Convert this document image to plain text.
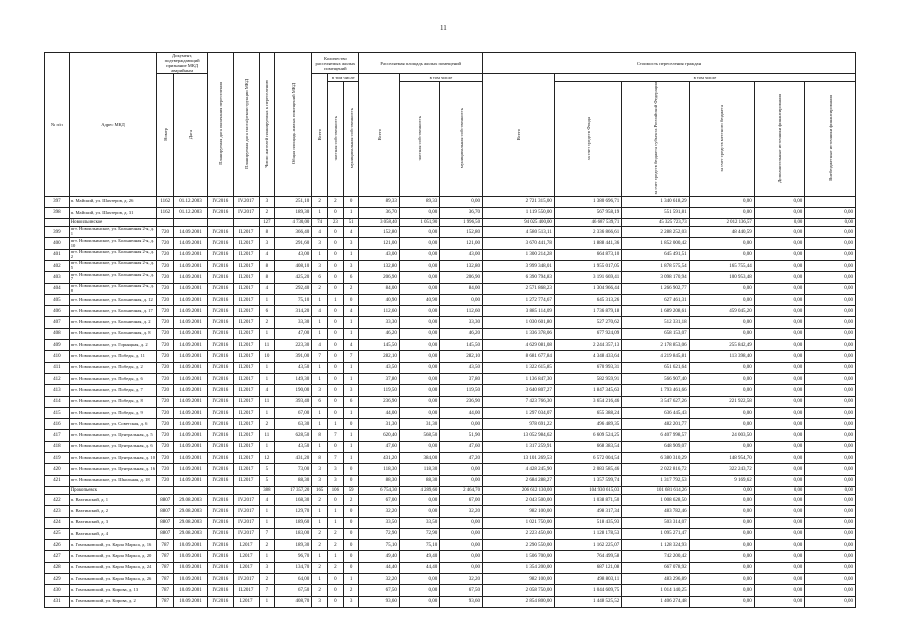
11
№ п/п	Адрес МКД	Документ, подтверждающий признание МКД аварийным		Планируемая дата окончания переселения	Планируемая дата сноса/реконструкции МКД	Число жителей планируемых к переселению	Общая площадь жилых помещений МКД	Количество расселяемых жилых помещений			Расселяемая площадь жилых помещений			Стоимость переселения граждан					
		Номер	Дата					Всего	в том числе		Всего	в том числе		Всего	в том числе				
									частная собственность	муниципальная собственность		частная собственность	муниципальная собственность		за счет средств Фонда	за счет средств бюджета субъекта Российской Федерации	за счет средств местного бюджета	Дополнительные источники финансирования	Внебюджетные источники финансирования
397	п. Майский, ул. Шахтеров, д. 26	1162	01.12.2003	IV.2016	IV.2017	3	251,10	2	2	0	89,33	89,33	0,00	2 721 315,00	1 380 696,71	1 340 618,29	0,00	0,00	
398	п. Майский, ул. Шахтеров, д. 31	1162	01.12.2003	IV.2016	IV.2017	2	189,30	1	0	1	36,70	0,00	36,70	1 119 550,00	567 958,19	551 591,81	0,00	0,00	0,00
	Новоильинское					127	4 730,00	74	23	51	3 058,40	1 051,90	1 996,50	94 025 400,00	46 687 539,71	45 325 723,73	2 012 136,57	0,00	0,00
399	пгт. Новоильинское, ул. Больничная 2-я, д. 1	720	14.09.2001	IV.2016	II.2017	8	366,40	4	0	4	152,80	0,00	152,80	4 580 513,11	2 336 866,61	2 288 252,03	48 440,59	0,00	0,00
400	пгт. Новоильинское, ул. Больничная 2-я, д. 10	720	14.09.2001	IV.2016	II.2017	3	291,60	3	0	3	121,00	0,00	121,00	3 670 441,78	1 888 441,36	1 852 000,42	0,00	0,00	0,00
401	пгт. Новоильинское, ул. Больничная 2-я, д. 2	720	14.09.2001	IV.2016	II.2017	4	43,00	1	0	1	43,00	0,00	43,00	1 300 214,28	664 873,10	645 491,51	0,00	0,00	0,00
402	пгт. Новоильинское, ул. Больничная 2-я, д. 5	720	14.09.2001	IV.2016	II.2017	8	408,10	3	0	3	132,80	0,00	132,80	3 999 348,01	1 955 017,05	1 878 575,54	165 755,44	0,00	0,00
403	пгт. Новоильинское, ул. Больничная 2-я, д. 7	720	14.09.2001	IV.2016	II.2017	8	425,20	6	0	6	206,90	0,00	206,90	6 390 794,83	3 191 669,41	3 098 170,94	100 953,48	0,00	0,00
404	пгт. Новоильинское, ул. Больничная 2-я, д. 8	720	14.09.2001	IV.2016	II.2017	4	292,40	2	0	2	84,00	0,00	84,00	2 571 868,23	1 304 966,44	1 266 902,77	0,00	0,00	0,00
405	пгт. Новоильинское, ул. Больничная, д. 12	720	14.09.2001	IV.2016	II.2017	1	75,10	1	1	0	40,90	40,90	0,00	1 272 774,67	645 313,26	627 461,31	0,00	0,00	0,00
406	пгт. Новоильинское, ул. Больничная, д. 17	720	14.09.2001	IV.2016	II.2017	6	314,20	4	0	4	112,60	0,00	112,60	3 885 114,09	1 736 879,18	1 689 208,61	459 045,20	0,00	0,00
407	пгт. Новоильинское, ул. Больничная, д. 2	720	14.09.2001	IV.2016	II.2017	2	33,30	1	0	1	33,30	0,00	33,30	1 030 601,80	527 270,62	512 331,18	0,00	0,00	0,00
408	пгт. Новоильинское, ул. Больничная, д. 8	720	14.09.2001	IV.2016	II.2017	1	47,00	1	0	1	46,20	0,00	46,20	1 336 378,06	677 924,09	658 153,07	0,00	0,00	0,00
409	пгт. Новоильинское, ул. Горняцкая, д. 2	720	14.09.2001	IV.2016	II.2017	11	223,30	4	0	4	145,50	0,00	145,50	4 629 081,08	2 244 357,13	2 178 853,06	255 842,49	0,00	0,00
410	пгт. Новоильинское, ул. Победы, д. 11	720	14.09.2001	IV.2016	II.2017	10	391,00	7	0	7	282,10	0,00	282,10	8 681 677,84	4 348 433,64	4 219 845,81	113 398,40	0,00	0,00
411	пгт. Новоильинское, ул. Победы, д. 2	720	14.09.2001	IV.2016	II.2017	1	43,50	1	0	1	43,50	0,00	43,50	1 322 615,85	670 993,31	651 621,64	0,00	0,00	0,00
412	пгт. Новоильинское, ул. Победы, д. 6	720	14.09.2001	IV.2016	II.2017	1	149,30	1	0	1	37,80	0,00	37,80	1 136 847,30	582 959,91	566 907,40	0,00	0,00	0,00
413	пгт. Новоильинское, ул. Победы, д. 7	720	14.09.2001	IV.2016	II.2017	4	190,00	3	0	3	119,50	0,00	119,50	3 640 807,27	1 847 345,63	1 793 461,66	0,00	0,00	0,00
414	пгт. Новоильинское, ул. Победы, д. 8	720	14.09.2001	IV.2016	II.2017	11	393,40	6	0	6	236,90	0,00	236,90	7 423 766,30	3 654 216,46	3 547 627,26	221 922,58	0,00	0,00
415	пгт. Новоильинское, ул. Победы, д. 9	720	14.09.2001	IV.2016	II.2017	1	67,00	1	0	1	44,00	0,00	44,00	1 297 034,07	655 388,24	636 445,43	0,00	0,00	0,00
416	пгт. Новоильинское, ул. Советская, д. 6	720	14.09.2001	IV.2016	II.2017	2	63,30	1	1	0	31,30	31,30	0,00	978 691,22	496 489,35	482 201,77	0,00	0,00	0,00
417	пгт. Новоильинское, ул. Центральная, д. 5	720	14.09.2001	IV.2016	II.2017	11	628,50	8	7	1	620,40	568,50	51,90	13 052 984,62	6 609 524,25	6 407 998,57	24 003,50	0,00	0,00
418	пгт. Новоильинское, ул. Центральная, д. 6	720	14.09.2001	IV.2016	II.2017	1	43,50	1	0	1	47,60	0,00	47,60	1 317 259,91	668 383,54	648 909,07	0,00	0,00	0,00
419	пгт. Новоильинское, ул. Центральная, д. 10	720	14.09.2001	IV.2016	II.2017	12	431,20	8	7	1	431,20	384,00	47,20	13 101 269,53	6 572 004,54	6 380 310,29	148 954,70	0,00	0,00
420	пгт. Новоильинское, ул. Центральная, д. 16	720	14.09.2001	IV.2016	II.2017	5	73,00	3	3	0	118,30	118,30	0,00	4 428 245,90	2 083 585,46	2 022 816,72	322 243,72	0,00	0,00
421	пгт. Новоильинское, ул. Школьная, д. 18	720	14.09.2001	IV.2016	II.2017	5	88,30	3	3	0	88,30	88,30	0,00	2 684 288,27	1 357 599,74	1 317 792,53	9 169,62	0,00	0,00
	Прокопьевск					388	17 357,20	165	106	59	6 754,30	4 289,60	2 464,70	206 612 130,00	104 930 615,03	101 681 614,26	0,00	0,00	0,00
422	п. Вахтинский, д. 1	8807	29.08.2003	IV.2016	IV.2017	4	168,30	2	0	2	67,00	0,00	67,00	2 043 500,00	1 038 871,50	1 008 628,50	0,00	0,00	0,00
423	п. Вахтинский, д. 2	8807	29.08.2003	IV.2016	IV.2017	1	129,70	1	1	0	32,20	0,00	32,20	982 100,00	498 317,34	483 782,46	0,00	0,00	0,00
424	п. Вахтинский, д. 3	8807	29.08.2003	IV.2016	IV.2017	1	189,60	1	1	0	33,50	33,50	0,00	1 021 750,00	518 435,93	503 314,07	0,00	0,00	0,00
425	п. Вахтинский, д. 4	8807	29.08.2003	IV.2016	IV.2017	7	183,00	2	2	0	72,90	72,90	0,00	2 223 450,00	1 128 178,53	1 095 271,47	0,00	0,00	0,00
426	п. Гомзыковский, ул. Карла Маркса, д. 16	787	10.09.2001	IV.2016	I.2017	2	189,30	2	2	0	75,10	75,10	0,00	2 290 550,00	1 162 225,07	1 128 324,93	0,00	0,00	0,00
427	п. Гомзыковский, ул. Карла Маркса, д. 20	787	10.09.2001	IV.2016	I.2017	1	96,70	1	1	0	49,40	49,40	0,00	1 506 700,00	764 499,58	742 200,42	0,00	0,00	0,00
428	п. Гомзыковский, ул. Карла Маркса, д. 24	787	10.09.2001	IV.2016	I.2017	3	134,70	2	2	0	44,40	44,40	0,00	1 354 200,00	687 121,08	667 078,92	0,00	0,00	0,00
429	п. Гомзыковский, ул. Карла Маркса, д. 26	787	10.09.2001	IV.2016	IV.2017	2	64,00	1	0	1	32,20	0,00	32,20	982 100,00	498 803,11	483 296,89	0,00	0,00	0,00
430	п. Гомзыковский, ул. Кирова, д. 13	787	10.09.2001	IV.2016	II.2017	7	67,50	2	0	2	67,50	0,00	67,50	2 058 750,00	1 044 609,75	1 014 140,25	0,00	0,00	0,00
431	п. Гомзыковский, ул. Кирова, д. 2	787	10.09.2001	IV.2016	I.2017	1	408,70	3	0	3	93,60	0,00	93,60	2 854 800,00	1 448 525,52	1 406 274,48	0,00	0,00	0,00
